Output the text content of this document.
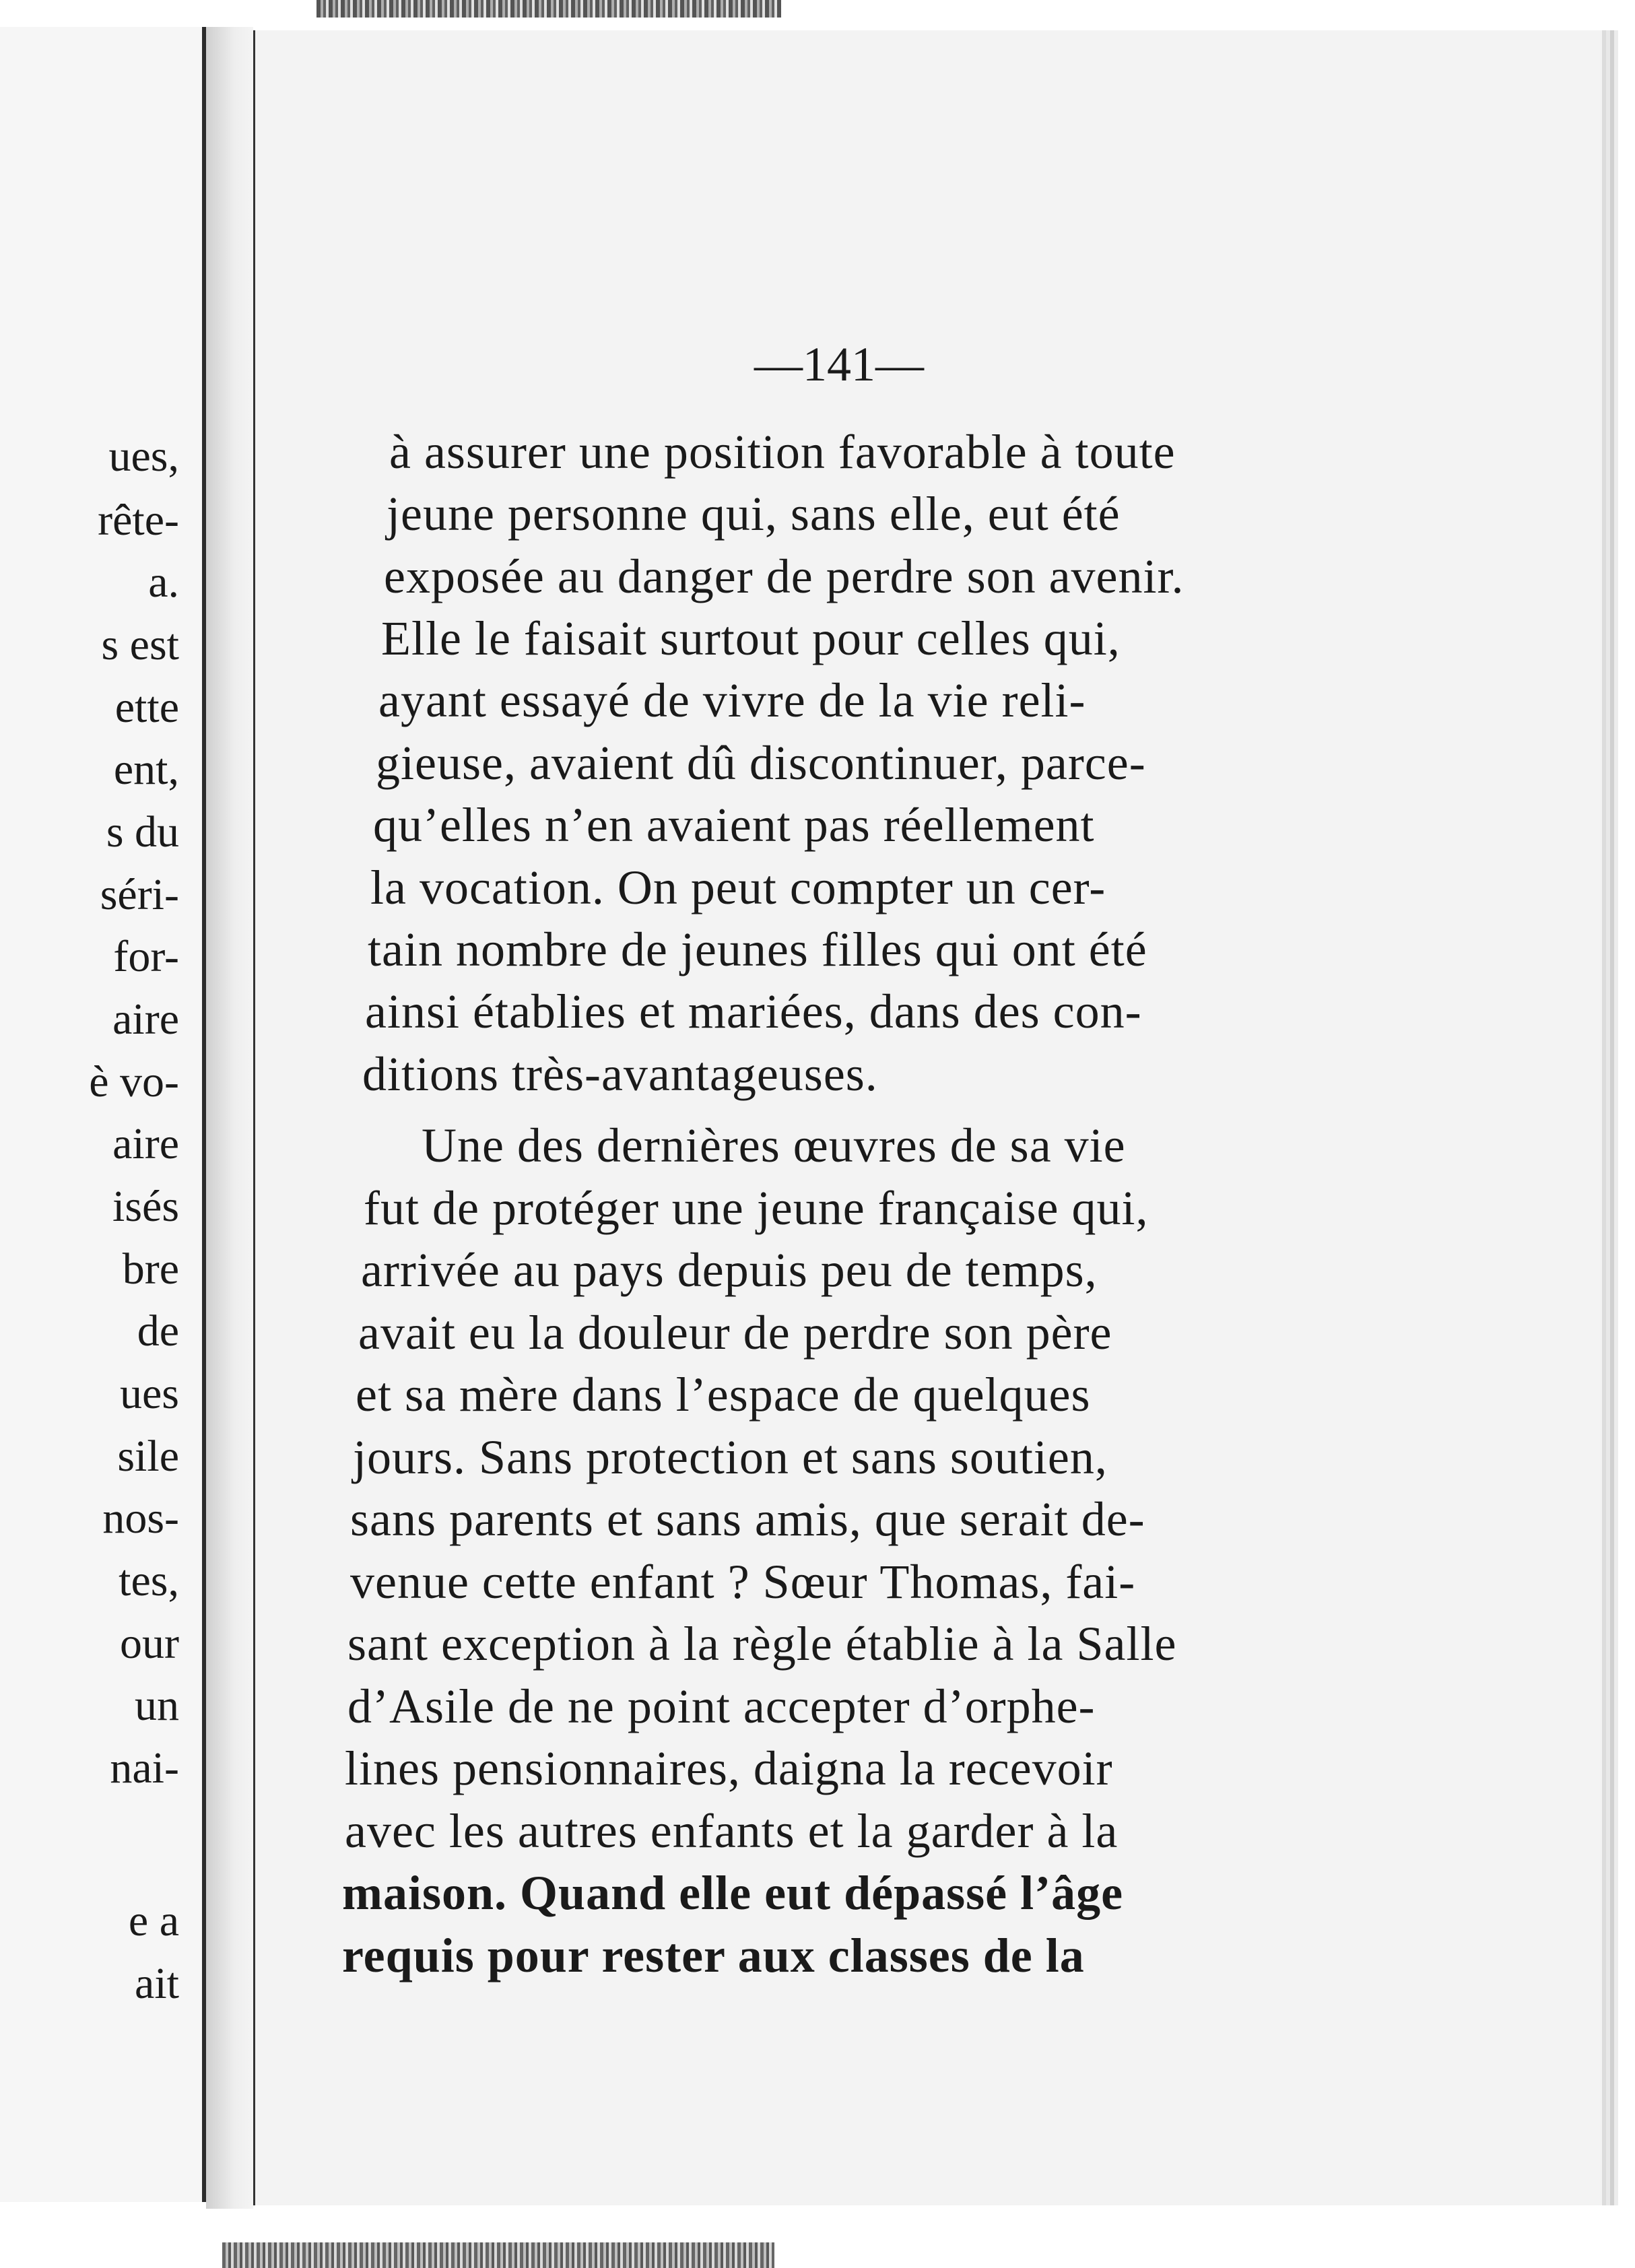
ues,
rête-
a.
s est
ette
ent,
s du
séri-
for-
aire
è vo-
aire
isés
bre
de
ues
sile
nos-
tes,
our
un
nai-
e a
ait
—141—
à assurer une position favorable à toute
jeune personne qui, sans elle, eut été
exposée au danger de perdre son avenir.
Elle le faisait surtout pour celles qui,
ayant essayé de vivre de la vie reli-
gieuse, avaient dû discontinuer, parce-
qu’elles n’en avaient pas réellement
la vocation. On peut compter un cer-
tain nombre de jeunes filles qui ont été
ainsi établies et mariées, dans des con-
ditions très-avantageuses.
Une des dernières œuvres de sa vie
fut de protéger une jeune française qui,
arrivée au pays depuis peu de temps,
avait eu la douleur de perdre son père
et sa mère dans l’espace de quelques
jours. Sans protection et sans soutien,
sans parents et sans amis, que serait de-
venue cette enfant ? Sœur Thomas, fai-
sant exception à la règle établie à la Salle
d’Asile de ne point accepter d’orphe-
lines pensionnaires, daigna la recevoir
avec les autres enfants et la garder à la
maison. Quand elle eut dépassé l’âge
requis pour rester aux classes de la
